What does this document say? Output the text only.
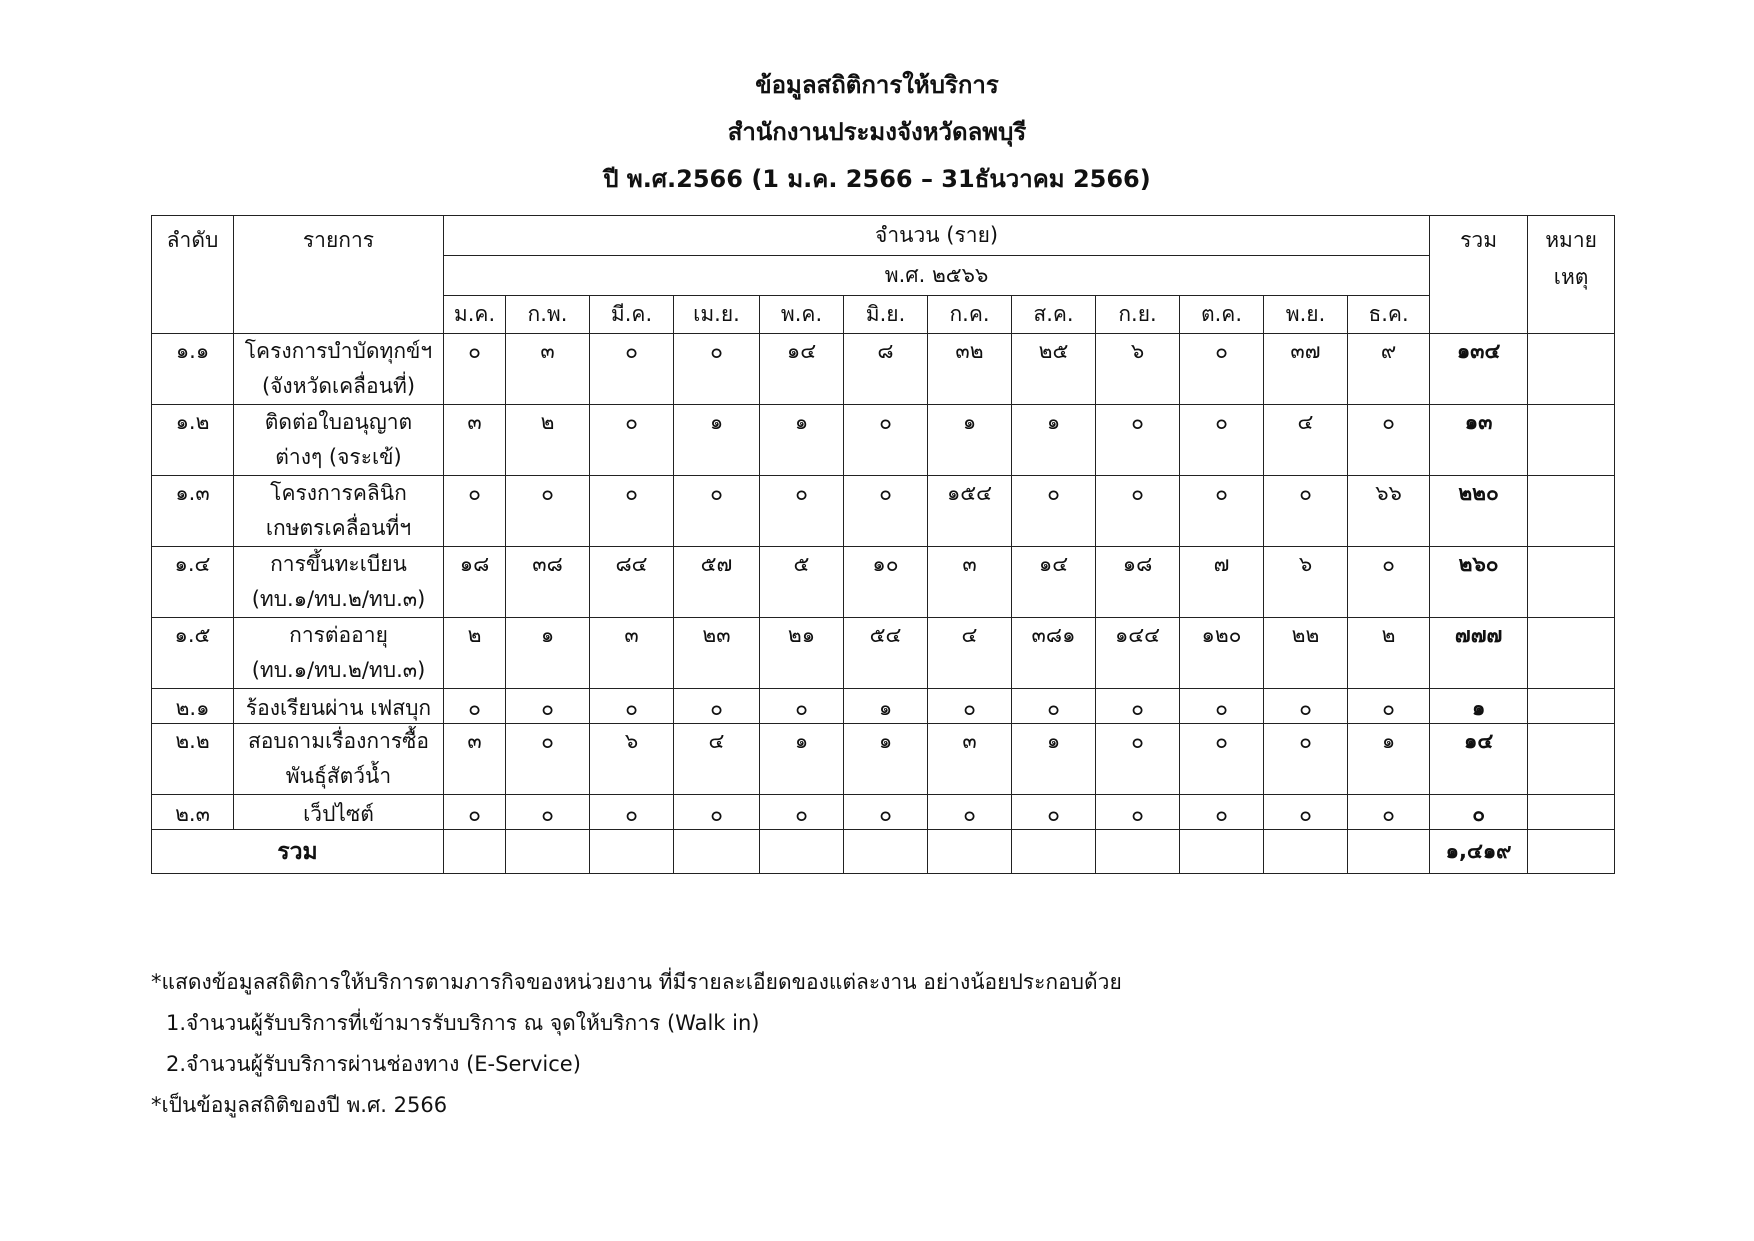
ข้อมูลสถิติการให้บริการ
สำนักงานประมงจังหวัดลพบุรี
ปี พ.ศ.2566 (1 ม.ค. 2566 – 31ธันวาคม 2566)
ลำดับ	รายการ	จำนวน (ราย)												รวม	หมาย
เหตุ

		พ.ศ. ๒๕๖๖													
		ม.ค.	ก.พ.	มี.ค.	เม.ย.	พ.ค.	มิ.ย.	ก.ค.	ส.ค.	ก.ย.	ต.ค.	พ.ย.	ธ.ค.		
๑.๑	โครงการบำบัดทุกข์ฯ
(จังหวัดเคลื่อนที่)	๐	๓	๐	๐	๑๔	๘	๓๒	๒๕	๖	๐	๓๗	๙	๑๓๔	
๑.๒	ติดต่อใบอนุญาต
ต่างๆ (จระเข้)	๓	๒	๐	๑	๑	๐	๑	๑	๐	๐	๔	๐	๑๓	
๑.๓	โครงการคลินิก
เกษตรเคลื่อนที่ฯ	๐	๐	๐	๐	๐	๐	๑๕๔	๐	๐	๐	๐	๖๖	๒๒๐	
๑.๔	การขึ้นทะเบียน
(ทบ.๑/ทบ.๒/ทบ.๓)	๑๘	๓๘	๘๔	๕๗	๕	๑๐	๓	๑๔	๑๘	๗	๖	๐	๒๖๐	
๑.๕	การต่ออายุ
(ทบ.๑/ทบ.๒/ทบ.๓)	๒	๑	๓	๒๓	๒๑	๕๔	๔	๓๘๑	๑๔๔	๑๒๐	๒๒	๒	๗๗๗	
๒.๑	ร้องเรียนผ่าน เฟสบุก	๐	๐	๐	๐	๐	๑	๐	๐	๐	๐	๐	๐	๑	
๒.๒	สอบถามเรื่องการซื้อ
พันธุ์สัตว์น้ำ	๓	๐	๖	๔	๑	๑	๓	๑	๐	๐	๐	๑	๑๔	
๒.๓	เว็ปไซต์	๐	๐	๐	๐	๐	๐	๐	๐	๐	๐	๐	๐	๐	
รวม														๑,๔๑๙	
*แสดงข้อมูลสถิติการให้บริการตามภารกิจของหน่วยงาน ที่มีรายละเอียดของแต่ละงาน อย่างน้อยประกอบด้วย
1.จำนวนผู้รับบริการที่เข้ามารรับบริการ ณ จุดให้บริการ (Walk in)
2.จำนวนผู้รับบริการผ่านช่องทาง (E-Service)
*เป็นข้อมูลสถิติของปี พ.ศ. 2566
